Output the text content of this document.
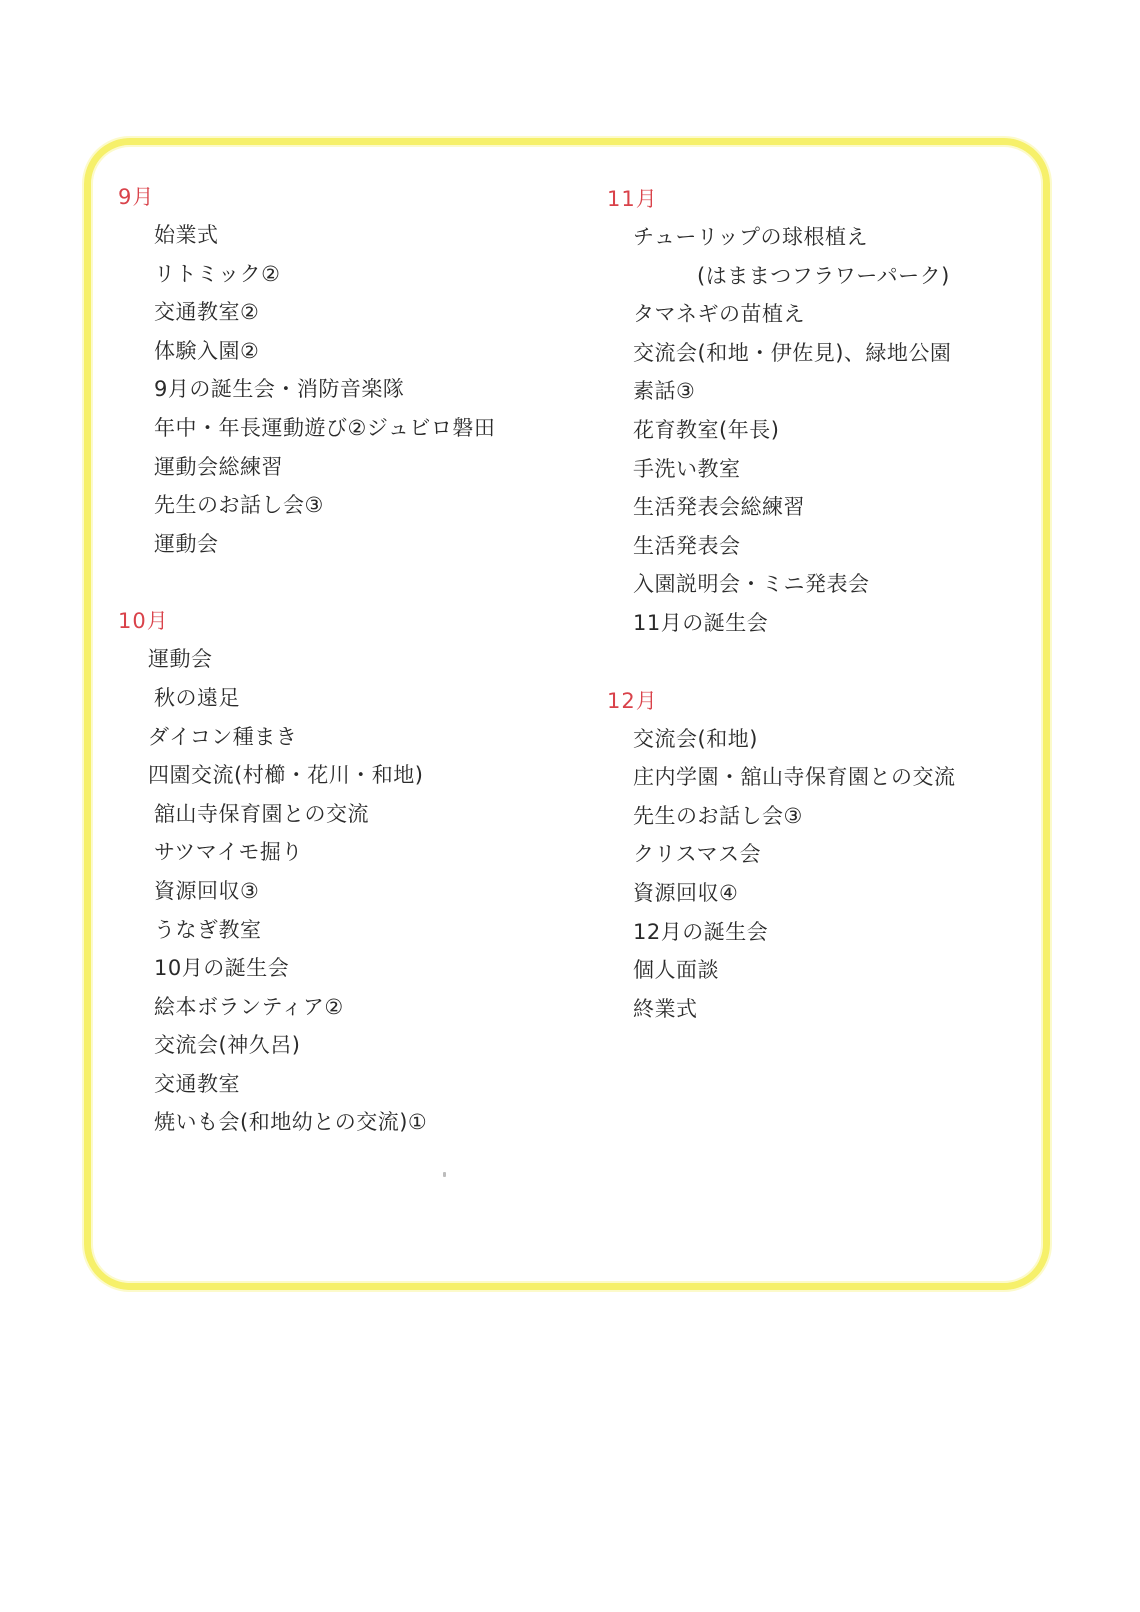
9月
始業式
リトミック②
交通教室②
体験入園②
9月の誕生会・消防音楽隊
年中・年長運動遊び②ジュビロ磐田
運動会総練習
先生のお話し会③
運動会
10月
運動会
秋の遠足
ダイコン種まき
四園交流(村櫛・花川・和地)
舘山寺保育園との交流
サツマイモ掘り
資源回収③
うなぎ教室
10月の誕生会
絵本ボランティア②
交流会(神久呂)
交通教室
焼いも会(和地幼との交流)①
11月
チューリップの球根植え
(はままつフラワーパーク)
タマネギの苗植え
交流会(和地・伊佐見)、緑地公園
素話③
花育教室(年長)
手洗い教室
生活発表会総練習
生活発表会
入園説明会・ミニ発表会
11月の誕生会
12月
交流会(和地)
庄内学園・舘山寺保育園との交流
先生のお話し会③
クリスマス会
資源回収④
12月の誕生会
個人面談
終業式
